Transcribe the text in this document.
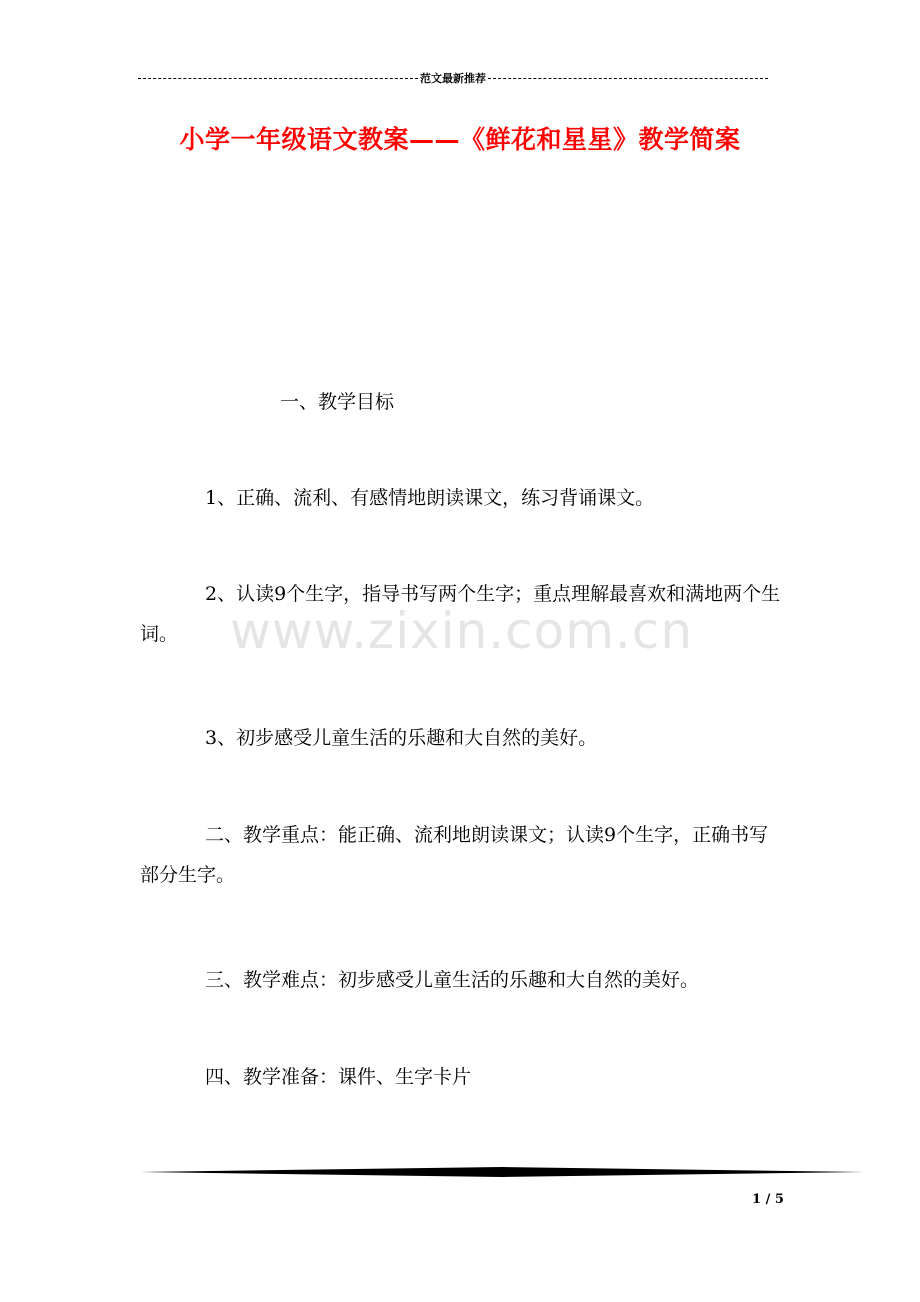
范文最新推荐
小学一年级语文教案——《鲜花和星星》教学简案
一、教学目标
1、正确、流利、有感情地朗读课文，练习背诵课文。
2、认读9个生字，指导书写两个生字；重点理解最喜欢和满地两个生词。
3、初步感受儿童生活的乐趣和大自然的美好。
二、教学重点：能正确、流利地朗读课文；认读9个生字，正确书写部分生字。
三、教学难点：初步感受儿童生活的乐趣和大自然的美好。
四、教学准备：课件、生字卡片
www.zixin.com.cn
1 / 5
